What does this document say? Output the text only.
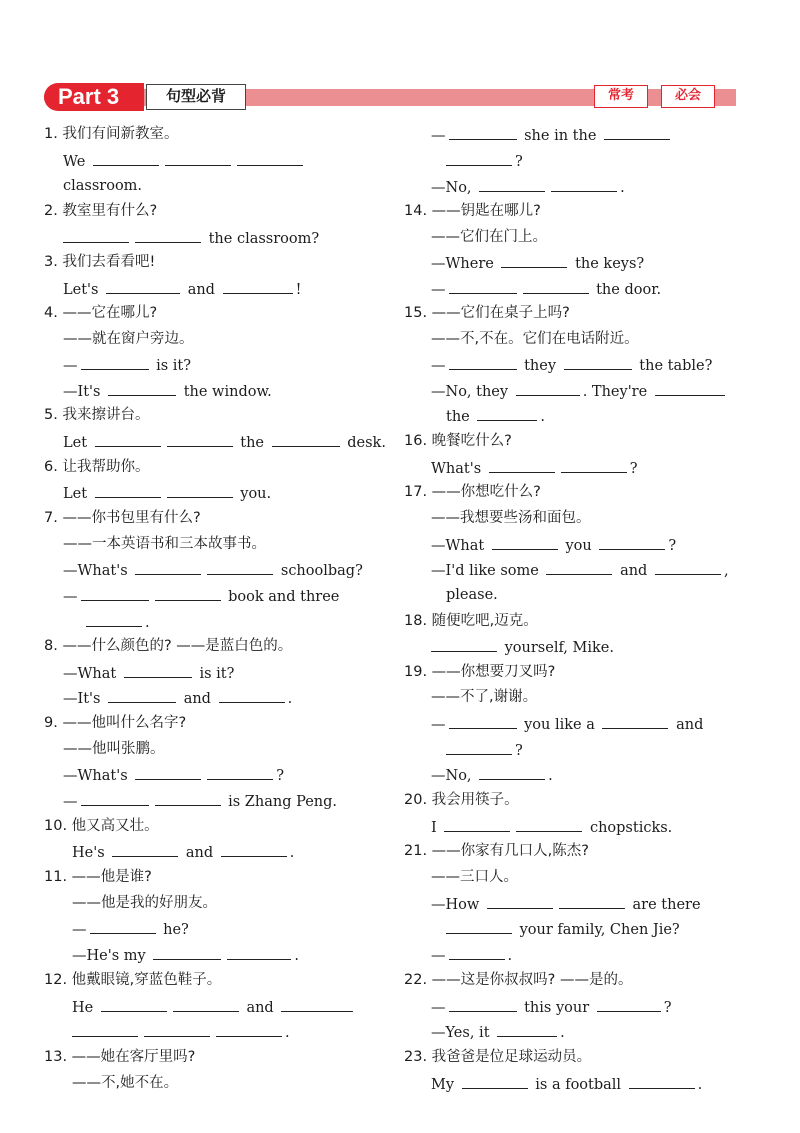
Part 3	句型必背	常考	必会
1. 我们有间新教室。
We
classroom.
2. 教室里有什么?
the classroom?
3. 我们去看看吧!
Let's	and	!
4. ——它在哪儿?
——就在窗户旁边。
—	is it?
—It's	the window.
5. 我来擦讲台。
Let	the	desk.
6. 让我帮助你。
Let	you.
7. ——你书包里有什么?
——一本英语书和三本故事书。
—What's	schoolbag?
—	book and three
.
8. ——什么颜色的? ——是蓝白色的。
—What	is it?
—It's	and	.
9. ——他叫什么名字?
——他叫张鹏。
—What's	?
—	is Zhang Peng.
10. 他又高又壮。
He's	and	.
11. ——他是谁?
——他是我的好朋友。
—	he?
—He's my	.
12. 他戴眼镜,穿蓝色鞋子。
He	and
.
13. ——她在客厅里吗?
——不,她不在。
—	she in the
?
—No,	.
14. ——钥匙在哪儿?
——它们在门上。
—Where	the keys?
—	the door.
15. ——它们在桌子上吗?
——不,不在。它们在电话附近。
—	they	the table?
—No, they	. They're
the	.
16. 晚餐吃什么?
What's	?
17. ——你想吃什么?
——我想要些汤和面包。
—What	you	?
—I'd like some	and	,
please.
18. 随便吃吧,迈克。
yourself, Mike.
19. ——你想要刀叉吗?
——不了,谢谢。
—	you like a	and
?
—No,	.
20. 我会用筷子。
I	chopsticks.
21. ——你家有几口人,陈杰?
——三口人。
—How	are there
your family, Chen Jie?
—	.
22. ——这是你叔叔吗? ——是的。
—	this your	?
—Yes, it	.
23. 我爸爸是位足球运动员。
My	is a football	.
